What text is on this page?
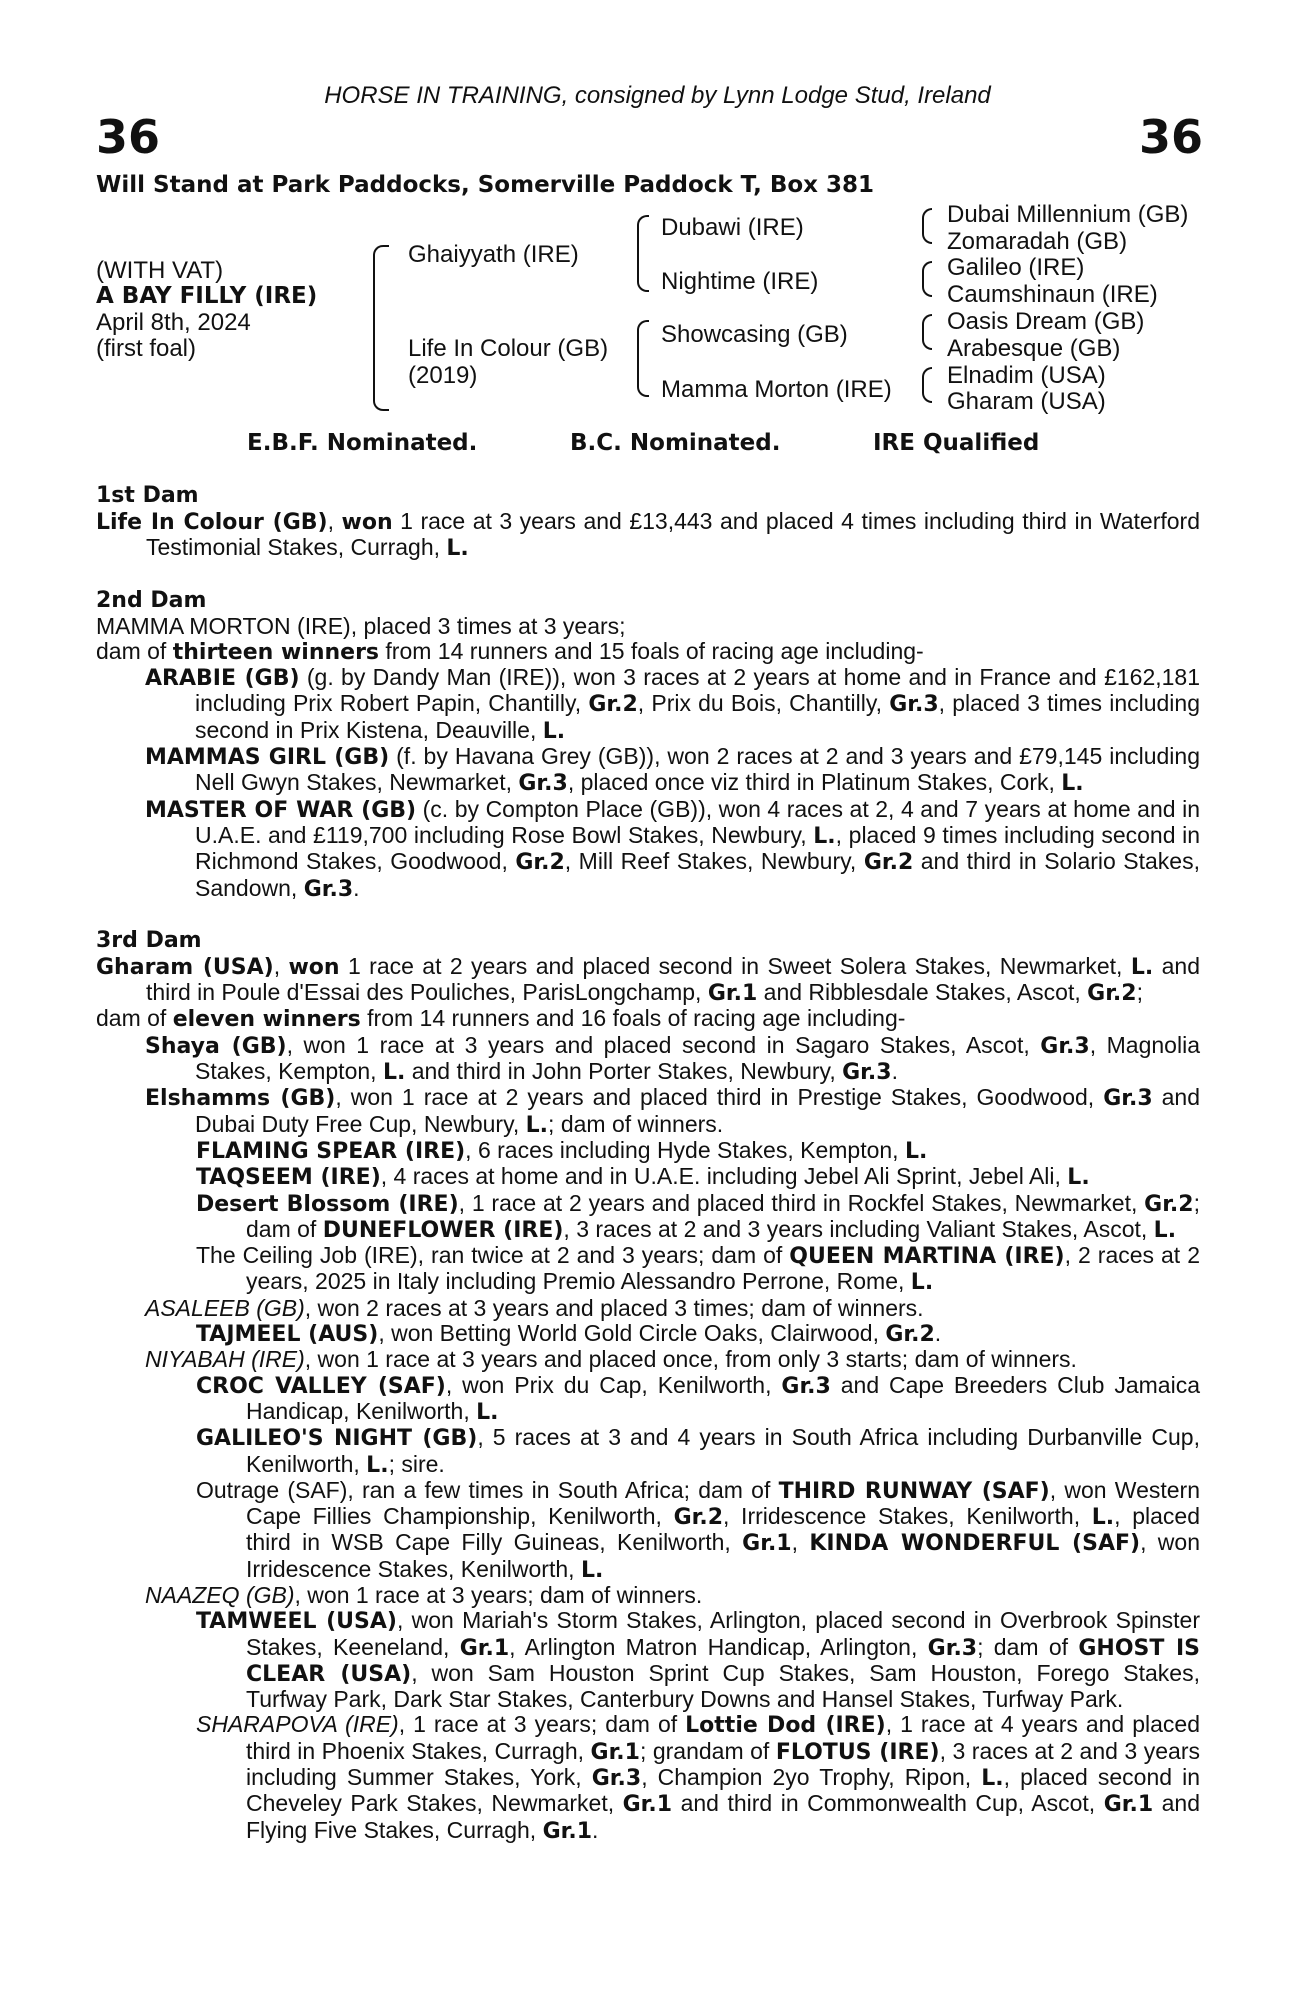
HORSE IN TRAINING, consigned by Lynn Lodge Stud, Ireland
36	36
Will Stand at Park Paddocks, Somerville Paddock T, Box 381
(WITH VAT)
A BAY FILLY (IRE)
April 8th, 2024
(first foal)
Ghaiyyath (IRE)
Life In Colour (GB)
(2019)
Dubawi (IRE)
Nightime (IRE)
Showcasing (GB)
Mamma Morton (IRE)
Dubai Millennium (GB)
Zomaradah (GB)
Galileo (IRE)
Caumshinaun (IRE)
Oasis Dream (GB)
Arabesque (GB)
Elnadim (USA)
Gharam (USA)
E.B.F. Nominated.	B.C. Nominated.	IRE Qualified
1st Dam

Life In Colour (GB), won 1 race at 3 years and £13,443 and placed 4 times including third in Waterford Testimonial Stakes, Curragh, L.

2nd Dam

MAMMA MORTON (IRE), placed 3 times at 3 years;

dam of thirteen winners from 14 runners and 15 foals of racing age including-

ARABIE (GB) (g. by Dandy Man (IRE)), won 3 races at 2 years at home and in France and £162,181 including Prix Robert Papin, Chantilly, Gr.2, Prix du Bois, Chantilly, Gr.3, placed 3 times including second in Prix Kistena, Deauville, L.

MAMMAS GIRL (GB) (f. by Havana Grey (GB)), won 2 races at 2 and 3 years and £79,145 including Nell Gwyn Stakes, Newmarket, Gr.3, placed once viz third in Platinum Stakes, Cork, L.

MASTER OF WAR (GB) (c. by Compton Place (GB)), won 4 races at 2, 4 and 7 years at home and in U.A.E. and £119,700 including Rose Bowl Stakes, Newbury, L., placed 9 times including second in Richmond Stakes, Goodwood, Gr.2, Mill Reef Stakes, Newbury, Gr.2 and third in Solario Stakes, Sandown, Gr.3.

3rd Dam

Gharam (USA), won 1 race at 2 years and placed second in Sweet Solera Stakes, Newmarket, L. and third in Poule d'Essai des Pouliches, ParisLongchamp, Gr.1 and Ribblesdale Stakes, Ascot, Gr.2;

dam of eleven winners from 14 runners and 16 foals of racing age including-

Shaya (GB), won 1 race at 3 years and placed second in Sagaro Stakes, Ascot, Gr.3, Magnolia Stakes, Kempton, L. and third in John Porter Stakes, Newbury, Gr.3.

Elshamms (GB), won 1 race at 2 years and placed third in Prestige Stakes, Goodwood, Gr.3 and Dubai Duty Free Cup, Newbury, L.; dam of winners.

FLAMING SPEAR (IRE), 6 races including Hyde Stakes, Kempton, L.

TAQSEEM (IRE), 4 races at home and in U.A.E. including Jebel Ali Sprint, Jebel Ali, L.

Desert Blossom (IRE), 1 race at 2 years and placed third in Rockfel Stakes, Newmarket, Gr.2; dam of DUNEFLOWER (IRE), 3 races at 2 and 3 years including Valiant Stakes, Ascot, L.

The Ceiling Job (IRE), ran twice at 2 and 3 years; dam of QUEEN MARTINA (IRE), 2 races at 2 years, 2025 in Italy including Premio Alessandro Perrone, Rome, L.

ASALEEB (GB), won 2 races at 3 years and placed 3 times; dam of winners.

TAJMEEL (AUS), won Betting World Gold Circle Oaks, Clairwood, Gr.2.

NIYABAH (IRE), won 1 race at 3 years and placed once, from only 3 starts; dam of winners.

CROC VALLEY (SAF), won Prix du Cap, Kenilworth, Gr.3 and Cape Breeders Club Jamaica Handicap, Kenilworth, L.

GALILEO'S NIGHT (GB), 5 races at 3 and 4 years in South Africa including Durbanville Cup, Kenilworth, L.; sire.

Outrage (SAF), ran a few times in South Africa; dam of THIRD RUNWAY (SAF), won Western Cape Fillies Championship, Kenilworth, Gr.2, Irridescence Stakes, Kenilworth, L., placed third in WSB Cape Filly Guineas, Kenilworth, Gr.1, KINDA WONDERFUL (SAF), won Irridescence Stakes, Kenilworth, L.

NAAZEQ (GB), won 1 race at 3 years; dam of winners.

TAMWEEL (USA), won Mariah's Storm Stakes, Arlington, placed second in Overbrook Spinster Stakes, Keeneland, Gr.1, Arlington Matron Handicap, Arlington, Gr.3; dam of GHOST IS CLEAR (USA), won Sam Houston Sprint Cup Stakes, Sam Houston, Forego Stakes, Turfway Park, Dark Star Stakes, Canterbury Downs and Hansel Stakes, Turfway Park.

SHARAPOVA (IRE), 1 race at 3 years; dam of Lottie Dod (IRE), 1 race at 4 years and placed third in Phoenix Stakes, Curragh, Gr.1; grandam of FLOTUS (IRE), 3 races at 2 and 3 years including Summer Stakes, York, Gr.3, Champion 2yo Trophy, Ripon, L., placed second in Cheveley Park Stakes, Newmarket, Gr.1 and third in Commonwealth Cup, Ascot, Gr.1 and Flying Five Stakes, Curragh, Gr.1.
